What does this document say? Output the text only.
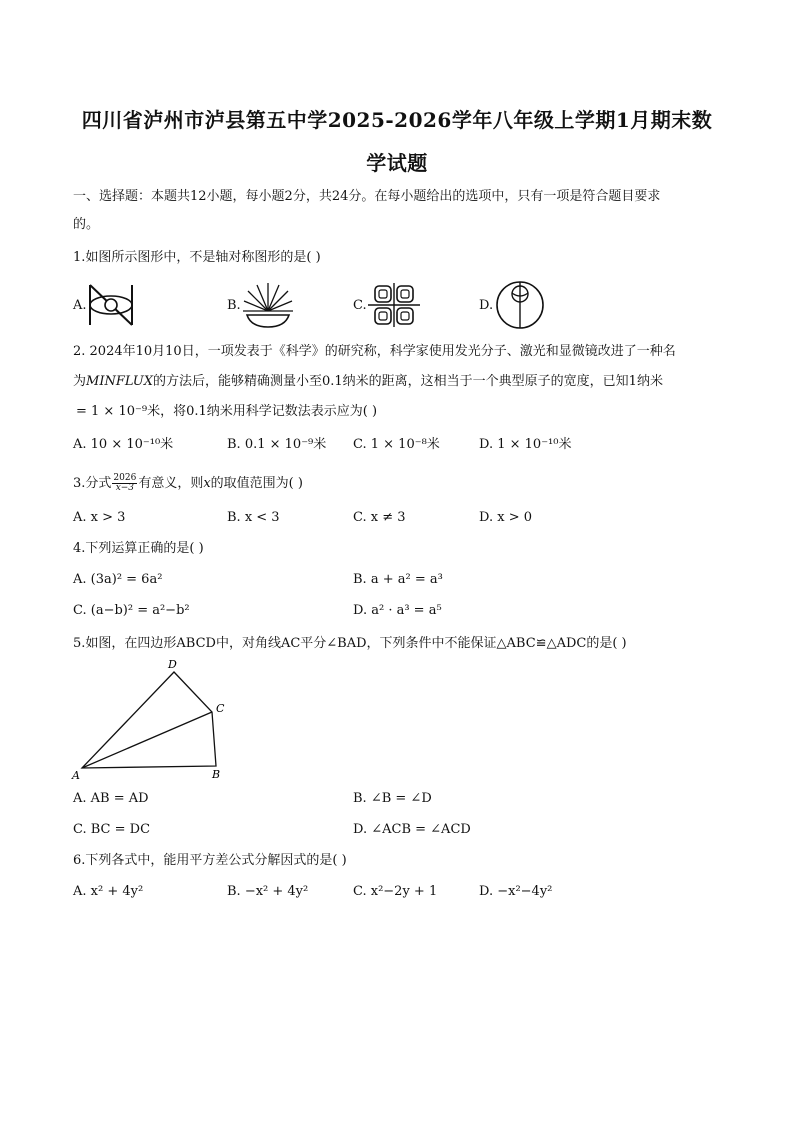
四川省泸州市泸县第五中学2025-2026学年八年级上学期1月期末数
学试题
一、选择题：本题共12小题，每小题2分，共24分。在每小题给出的选项中，只有一项是符合题目要求
的。
1.如图所示图形中，不是轴对称图形的是( )
A.	B.	C.	D.
2. 2024年10月10日，一项发表于《科学》的研究称，科学家使用发光分子、激光和显微镜改进了一种名
为MINFLUX的方法后，能够精确测量小至0.1纳米的距离，这相当于一个典型原子的宽度，已知1纳米
= 1 × 10⁻⁹米，将0.1纳米用科学记数法表示应为( )
A. 10 × 10⁻¹⁰米	B. 0.1 × 10⁻⁹米 C. 1 × 10⁻⁸米	D. 1 × 10⁻¹⁰米
3.分式 $\frac{2026}{x-3}$ 有意义，则x的取值范围为( )
A. x > 3	B. x < 3	C. x ≠ 3	D. x > 0
4.下列运算正确的是( )
A. (3a)² = 6a²	B. a + a² = a³
C. (a−b)² = a²−b²	D. a² · a³ = a⁵
5.如图，在四边形ABCD中，对角线AC平分∠BAD，下列条件中不能保证△ABC≌△ADC的是( )
D
C
A	B
A. AB = AD	B. ∠B = ∠D
C. BC = DC	D. ∠ACB = ∠ACD
6.下列各式中，能用平方差公式分解因式的是( )
A. x² + 4y²	B. −x² + 4y²	C. x²−2y + 1	D. −x²−4y²
